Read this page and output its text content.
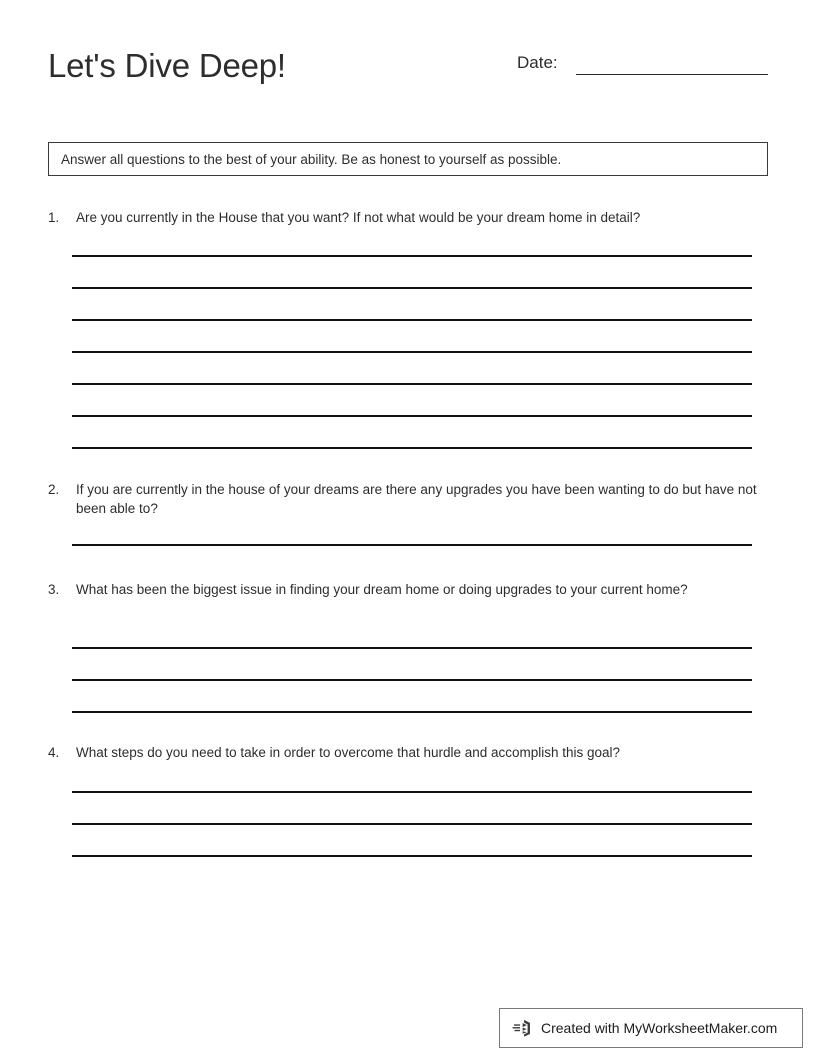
Let's Dive Deep!	Date:
Answer all questions to the best of your ability. Be as honest to yourself as possible.
1.	Are you currently in the House that you want? If not what would be your dream home in detail?
2.	If you are currently in the house of your dreams are there any upgrades you have been wanting to do but have not been able to?
3.	What has been the biggest issue in finding your dream home or doing upgrades to your current home?
4.	What steps do you need to take in order to overcome that hurdle and accomplish this goal?
Created with MyWorksheetMaker.com
